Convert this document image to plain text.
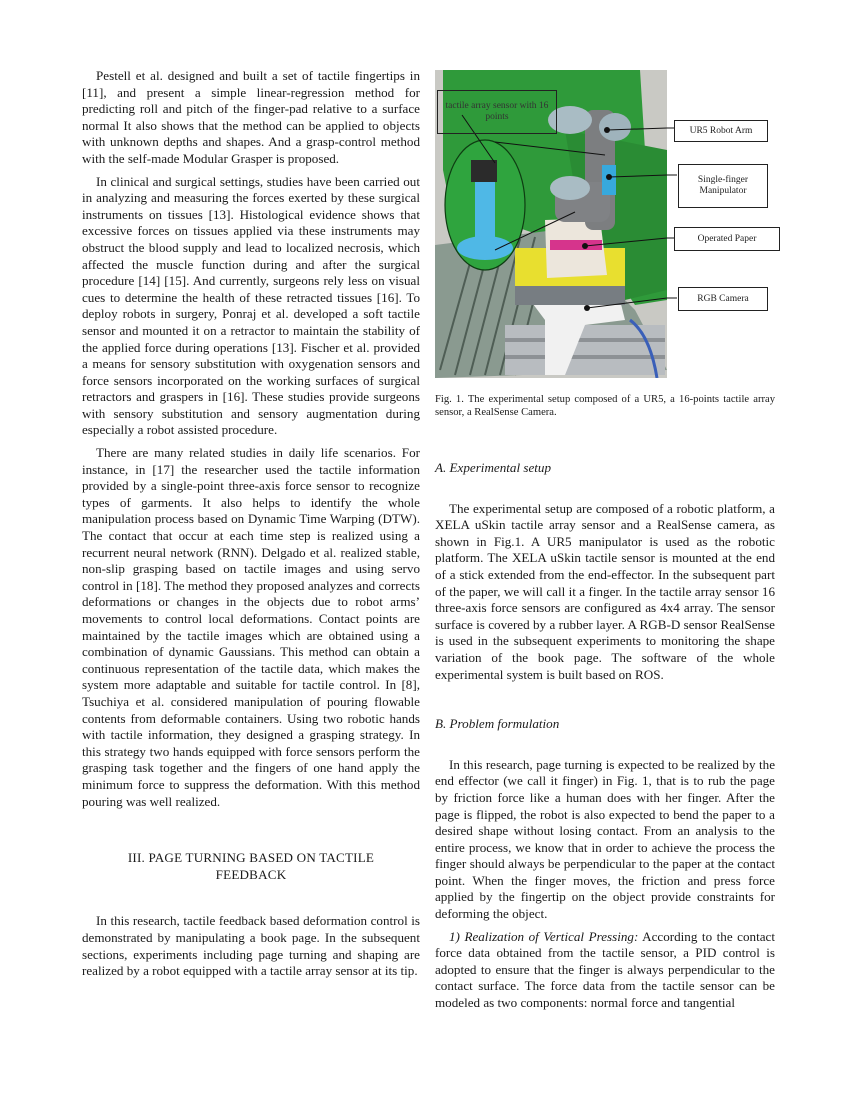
Pestell et al. designed and built a set of tactile fingertips in [11], and present a simple linear-regression method for predicting roll and pitch of the finger-pad relative to a surface normal It also shows that the method can be applied to objects with unknown depths and shapes. And a grasp-control method with the self-made Modular Grasper is proposed.

In clinical and surgical settings, studies have been carried out in analyzing and measuring the forces exerted by these surgical instruments on tissues [13]. Histological evidence shows that excessive forces on tissues applied via these instruments may obstruct the blood supply and lead to localized necrosis, which affected the muscle function during and after the surgical procedure [14] [15]. And currently, surgeons rely less on visual cues to determine the health of these retracted tissues [16]. To deploy robots in surgery, Ponraj et al. developed a soft tactile sensor and mounted it on a retractor to maintain the stability of the applied force during operations [13]. Fischer et al. provided a means for sensory substitution with oxygenation sensors and force sensors incorporated on the working surfaces of surgical retractors and graspers in [16]. These studies provide surgeons with sensory substitution and sensory augmentation during especially a robot assisted procedure.

There are many related studies in daily life scenarios. For instance, in [17] the researcher used the tactile information provided by a single-point three-axis force sensor to recognize types of garments. It also helps to identify the whole manipulation process based on Dynamic Time Warping (DTW). The contact that occur at each time step is realized using a recurrent neural network (RNN). Delgado et al. realized stable, non-slip grasping based on tactile images and using servo control in [18]. The method they proposed analyzes and corrects deformations or changes in the objects due to robot arms’ movements to control local deformations. Contact points are maintained by the tactile images which are obtained using a combination of dynamic Gaussians. This method can obtain a continuous representation of the tactile data, which makes the system more adaptable and suitable for tactile control. In [8], Tsuchiya et al. considered manipulation of pouring flowable contents from deformable containers. Using two robotic hands with tactile information, they designed a grasping strategy. In this strategy two hands equipped with force sensors perform the grasping task together and the fingers of one hand apply the minimum force to suppress the deformation. With this method pouring was well realized.

III. PAGE TURNING BASED ON TACTILE
FEEDBACK

In this research, tactile feedback based deformation control is demonstrated by manipulating a book page. In the subsequent sections, experiments including page turning and shaping are realized by a robot equipped with a tactile array sensor at its tip.

tactile array sensor with 16 points
UR5 Robot Arm
Single-finger
Manipulator
Operated Paper
RGB Camera
Fig. 1. The experimental setup composed of a UR5, a 16-points tactile array sensor, a RealSense Camera.

A. Experimental setup

The experimental setup are composed of a robotic platform, a XELA uSkin tactile array sensor and a RealSense camera, as shown in Fig.1. A UR5 manipulator is used as the robotic platform. The XELA uSkin tactile sensor is mounted at the end of a stick extended from the end-effector. In the subsequent part of the paper, we will call it a finger. In the tactile array sensor 16 three-axis force sensors are configured as 4x4 array. The sensor surface is covered by a rubber layer. A RGB-D sensor RealSense is used in the subsequent experiments to monitoring the shape variation of the book page. The software of the whole experimental system is built based on ROS.

B. Problem formulation

In this research, page turning is expected to be realized by the end effector (we call it finger) in Fig. 1, that is to rub the page by friction force like a human does with her finger. After the page is flipped, the robot is also expected to bend the paper to a desired shape without losing contact. From an analysis to the entire process, we know that in order to achieve the process the finger should always be perpendicular to the paper at the contact point. When the finger moves, the friction and press force applied by the fingertip on the object provide constraints for deforming the object.

1) Realization of Vertical Pressing: According to the contact force data obtained from the tactile sensor, a PID control is adopted to ensure that the finger is always perpendicular to the contact surface. The force data from the tactile sensor can be modeled as two components: normal force and tangential
